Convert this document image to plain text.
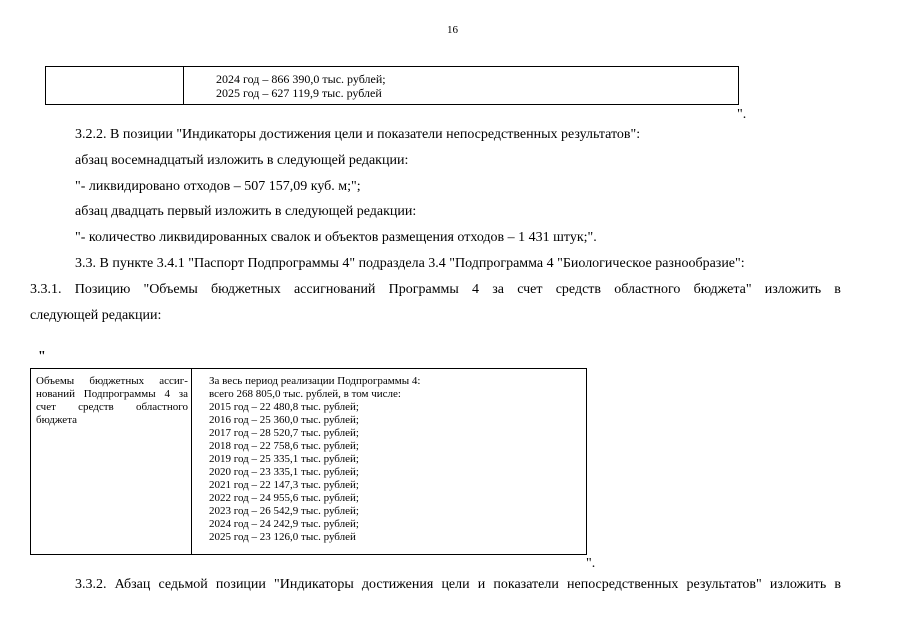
16
2024 год – 866 390,0 тыс. рублей;
2025 год – 627 119,9 тыс. рублей
".
3.2.2. В позиции "Индикаторы достижения цели и показатели непосредственных результатов":
абзац восемнадцатый изложить в следующей редакции:
"- ликвидировано отходов – 507 157,09 куб. м;";
абзац двадцать первый изложить в следующей редакции:
"- количество ликвидированных свалок и объектов размещения отходов – 1 431 штук;".
3.3. В пункте 3.4.1 "Паспорт Подпрограммы 4" подраздела 3.4 "Подпрограмма 4 "Биологическое разнообразие":
3.3.1. Позицию "Объемы бюджетных ассигнований Программы 4 за счет средств областного бюджета" изложить в
следующей редакции:
"
Объемы бюджетных ассиг-
нований Подпрограммы 4 за
счет средств областного
бюджета
За весь период реализации Подпрограммы 4:
всего 268 805,0 тыс. рублей, в том числе:
2015 год – 22 480,8 тыс. рублей;
2016 год – 25 360,0 тыс. рублей;
2017 год – 28 520,7 тыс. рублей;
2018 год – 22 758,6 тыс. рублей;
2019 год – 25 335,1 тыс. рублей;
2020 год – 23 335,1 тыс. рублей;
2021 год – 22 147,3 тыс. рублей;
2022 год – 24 955,6 тыс. рублей;
2023 год – 26 542,9 тыс. рублей;
2024 год – 24 242,9 тыс. рублей;
2025 год – 23 126,0 тыс. рублей
".
3.3.2. Абзац седьмой позиции "Индикаторы достижения цели и показатели непосредственных результатов" изложить в
